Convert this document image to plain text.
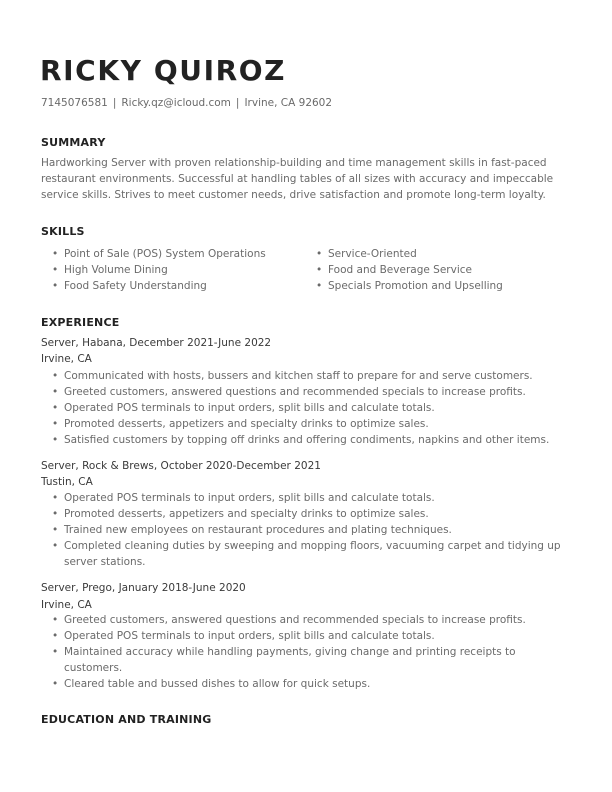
RICKY QUIROZ
7145076581 | Ricky.qz@icloud.com | Irvine, CA 92602
SUMMARY

Hardworking Server with proven relationship-building and time management skills in fast-paced restaurant environments. Successful at handling tables of all sizes with accuracy and impeccable service skills. Strives to meet customer needs, drive satisfaction and promote long-term loyalty.

SKILLS
• Point of Sale (POS) System Operations
• High Volume Dining
• Food Safety Understanding
• Service-Oriented
• Food and Beverage Service
• Specials Promotion and Upselling
EXPERIENCE
Server, Habana, December 2021-June 2022
Irvine, CA
• Communicated with hosts, bussers and kitchen staff to prepare for and serve customers.
• Greeted customers, answered questions and recommended specials to increase profits.
• Operated POS terminals to input orders, split bills and calculate totals.
• Promoted desserts, appetizers and specialty drinks to optimize sales.
• Satisfied customers by topping off drinks and offering condiments, napkins and other items.
Server, Rock & Brews, October 2020-December 2021
Tustin, CA
• Operated POS terminals to input orders, split bills and calculate totals.
• Promoted desserts, appetizers and specialty drinks to optimize sales.
• Trained new employees on restaurant procedures and plating techniques.
• Completed cleaning duties by sweeping and mopping floors, vacuuming carpet and tidying up server stations.
Server, Prego, January 2018-June 2020
Irvine, CA
• Greeted customers, answered questions and recommended specials to increase profits.
• Operated POS terminals to input orders, split bills and calculate totals.
• Maintained accuracy while handling payments, giving change and printing receipts to customers.
• Cleared table and bussed dishes to allow for quick setups.
EDUCATION AND TRAINING
